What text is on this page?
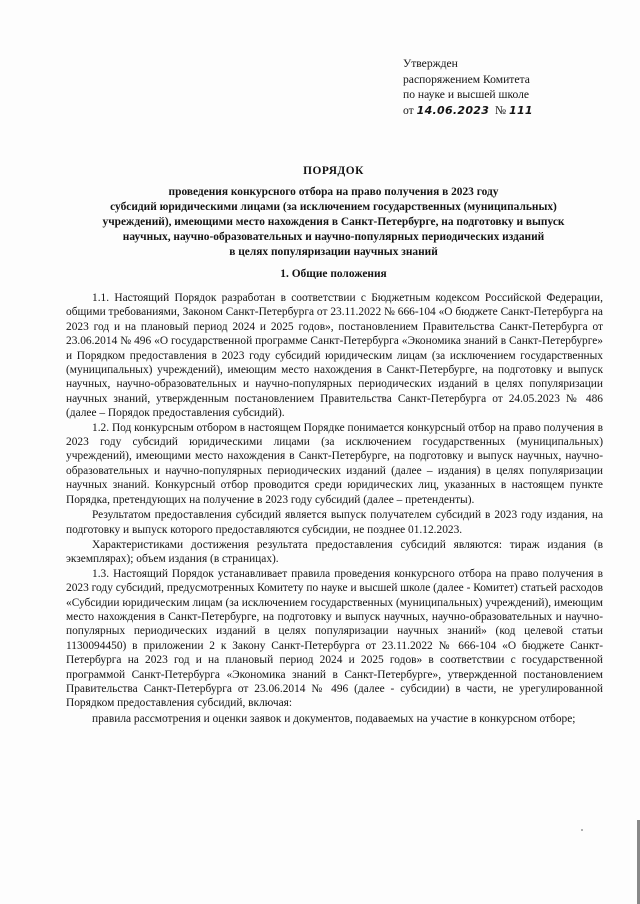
Утвержден
распоряжением Комитета
по науке и высшей школе
от 14.06.2023 № 111
ПОРЯДОК
проведения конкурсного отбора на право получения в 2023 году
субсидий юридическими лицами (за исключением государственных (муниципальных)
учреждений), имеющими место нахождения в Санкт-Петербурге, на подготовку и выпуск
научных, научно-образовательных и научно-популярных периодических изданий
в целях популяризации научных знаний
1. Общие положения

1.1. Настоящий Порядок разработан в соответствии с Бюджетным кодексом Российской Федерации, общими требованиями, Законом Санкт-Петербурга от 23.11.2022 № 666-104 «О бюджете Санкт-Петербурга на 2023 год и на плановый период 2024 и 2025 годов», постановлением Правительства Санкт-Петербурга от 23.06.2014 № 496 «О государственной программе Санкт-Петербурга «Экономика знаний в Санкт-Петербурге» и Порядком предоставления в 2023 году субсидий юридическим лицам (за исключением государственных (муниципальных) учреждений), имеющим место нахождения в Санкт-Петербурге, на подготовку и выпуск научных, научно-образовательных и научно-популярных периодических изданий в целях популяризации научных знаний, утвержденным постановлением Правительства Санкт-Петербурга от 24.05.2023 № 486 (далее – Порядок предоставления субсидий).

1.2. Под конкурсным отбором в настоящем Порядке понимается конкурсный отбор на право получения в 2023 году субсидий юридическими лицами (за исключением государственных (муниципальных) учреждений), имеющими место нахождения в Санкт-Петербурге, на подготовку и выпуск научных, научно-образовательных и научно-популярных периодических изданий (далее – издания) в целях популяризации научных знаний. Конкурсный отбор проводится среди юридических лиц, указанных в настоящем пункте Порядка, претендующих на получение в 2023 году субсидий (далее – претенденты).

Результатом предоставления субсидий является выпуск получателем субсидий в 2023 году издания, на подготовку и выпуск которого предоставляются субсидии, не позднее 01.12.2023.

Характеристиками достижения результата предоставления субсидий являются: тираж издания (в экземплярах); объем издания (в страницах).

1.3. Настоящий Порядок устанавливает правила проведения конкурсного отбора на право получения в 2023 году субсидий, предусмотренных Комитету по науке и высшей школе (далее - Комитет) статьей расходов «Субсидии юридическим лицам (за исключением государственных (муниципальных) учреждений), имеющим место нахождения в Санкт-Петербурге, на подготовку и выпуск научных, научно-образовательных и научно-популярных периодических изданий в целях популяризации научных знаний» (код целевой статьи 1130094450) в приложении 2 к Закону Санкт-Петербурга от 23.11.2022 № 666-104 «О бюджете Санкт-Петербурга на 2023 год и на плановый период 2024 и 2025 годов» в соответствии с государственной программой Санкт-Петербурга «Экономика знаний в Санкт-Петербурге», утвержденной постановлением Правительства Санкт-Петербурга от 23.06.2014 № 496 (далее - субсидии) в части, не урегулированной Порядком предоставления субсидий, включая:

правила рассмотрения и оценки заявок и документов, подаваемых на участие в конкурсном отборе;
